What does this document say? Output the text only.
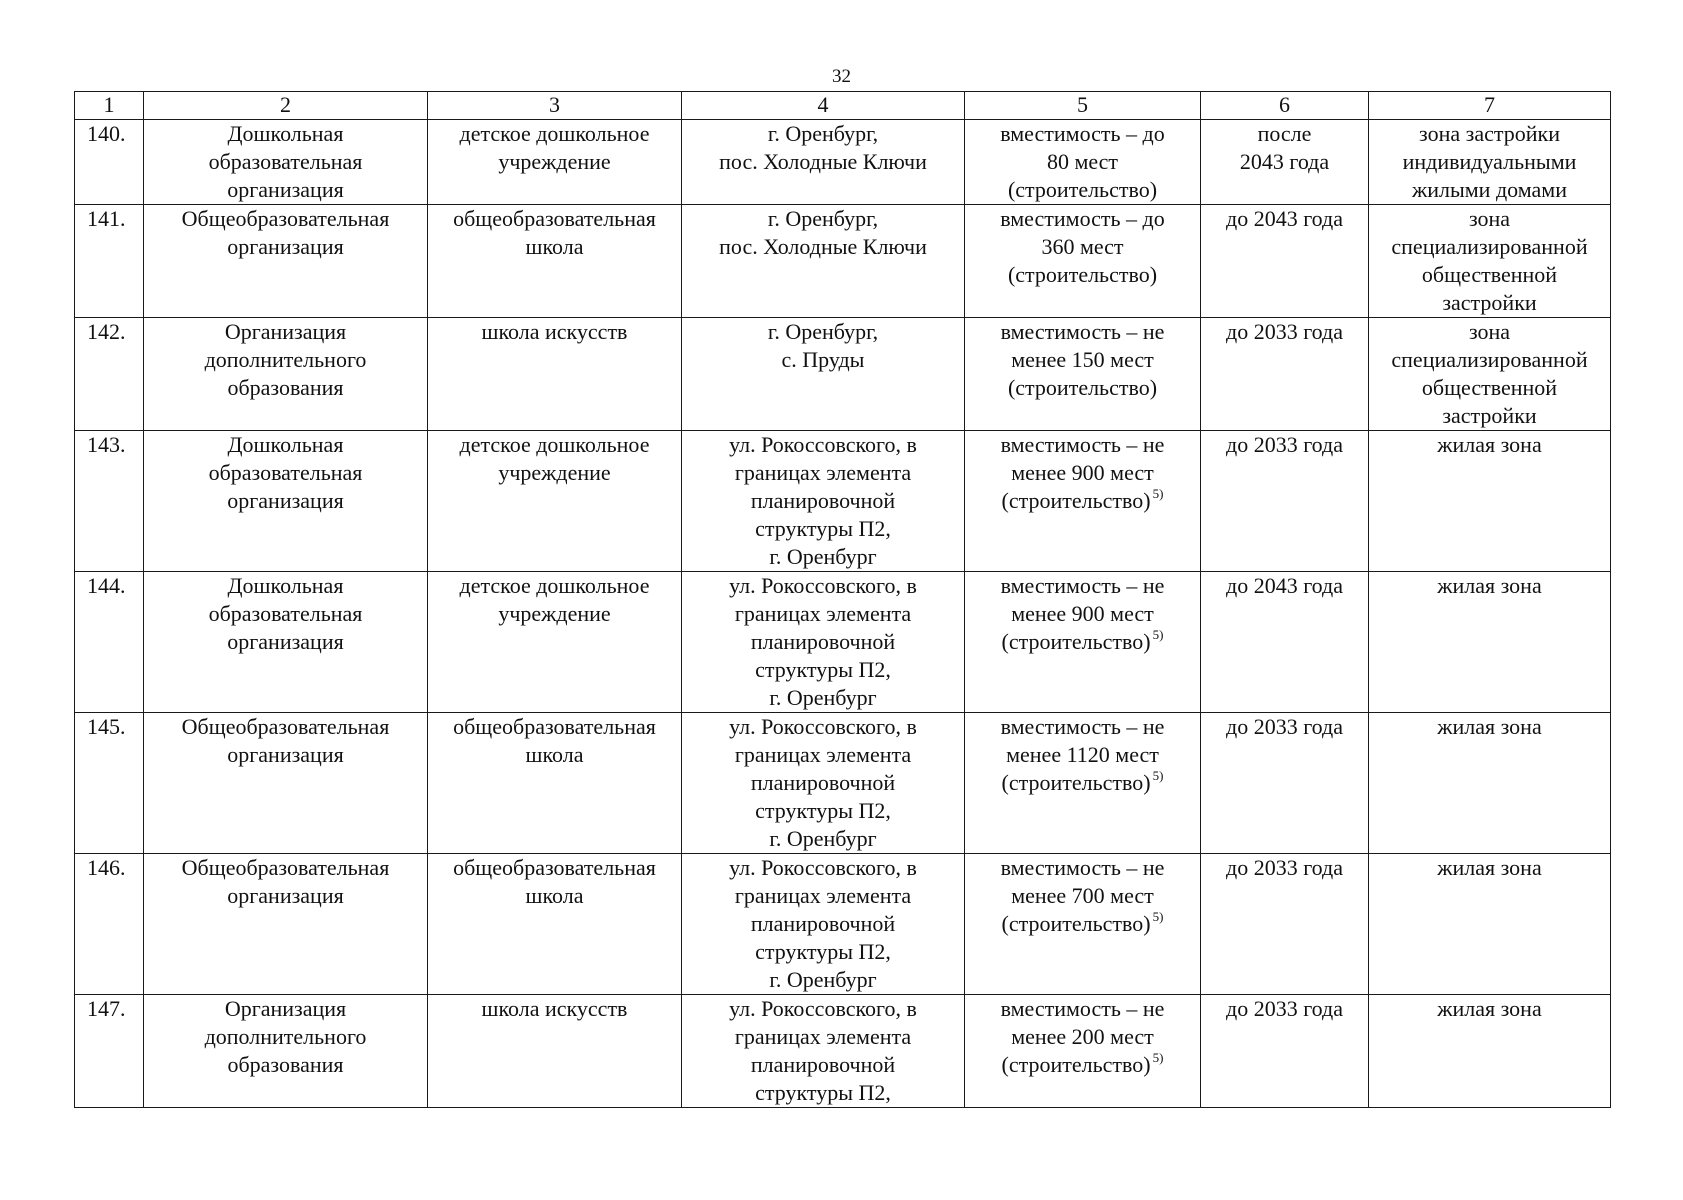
32
1	2	3	4	5	6	7
140.	Дошкольная
образовательная
организация	детское дошкольное
учреждение	г. Оренбург,
пос. Холодные Ключи	вместимость – до
80 мест
(строительство)	после
2043 года	зона застройки
индивидуальными
жилыми домами

141.	Общеобразовательная
организация	общеобразовательная
школа	г. Оренбург,
пос. Холодные Ключи	вместимость – до
360 мест
(строительство)	до 2043 года	зона
специализированной
общественной
застройки

142.	Организация
дополнительного
образования	школа искусств	г. Оренбург,
с. Пруды	вместимость – не
менее 150 мест
(строительство)	до 2033 года	зона
специализированной
общественной
застройки

143.	Дошкольная
образовательная
организация	детское дошкольное
учреждение	ул. Рокоссовского, в
границах элемента
планировочной
структуры П2,
г. Оренбург	вместимость – не
менее 900 мест
(строительство) $^{5)}$	до 2033 года	жилая зона

144.	Дошкольная
образовательная
организация	детское дошкольное
учреждение	ул. Рокоссовского, в
границах элемента
планировочной
структуры П2,
г. Оренбург	вместимость – не
менее 900 мест
(строительство) $^{5)}$	до 2043 года	жилая зона

145.	Общеобразовательная
организация	общеобразовательная
школа	ул. Рокоссовского, в
границах элемента
планировочной
структуры П2,
г. Оренбург	вместимость – не
менее 1120 мест
(строительство) $^{5)}$	до 2033 года	жилая зона

146.	Общеобразовательная
организация	общеобразовательная
школа	ул. Рокоссовского, в
границах элемента
планировочной
структуры П2,
г. Оренбург	вместимость – не
менее 700 мест
(строительство) $^{5)}$	до 2033 года	жилая зона

147.	Организация
дополнительного
образования	школа искусств	ул. Рокоссовского, в
границах элемента
планировочной
структуры П2,	вместимость – не
менее 200 мест
(строительство) $^{5)}$	до 2033 года	жилая зона
